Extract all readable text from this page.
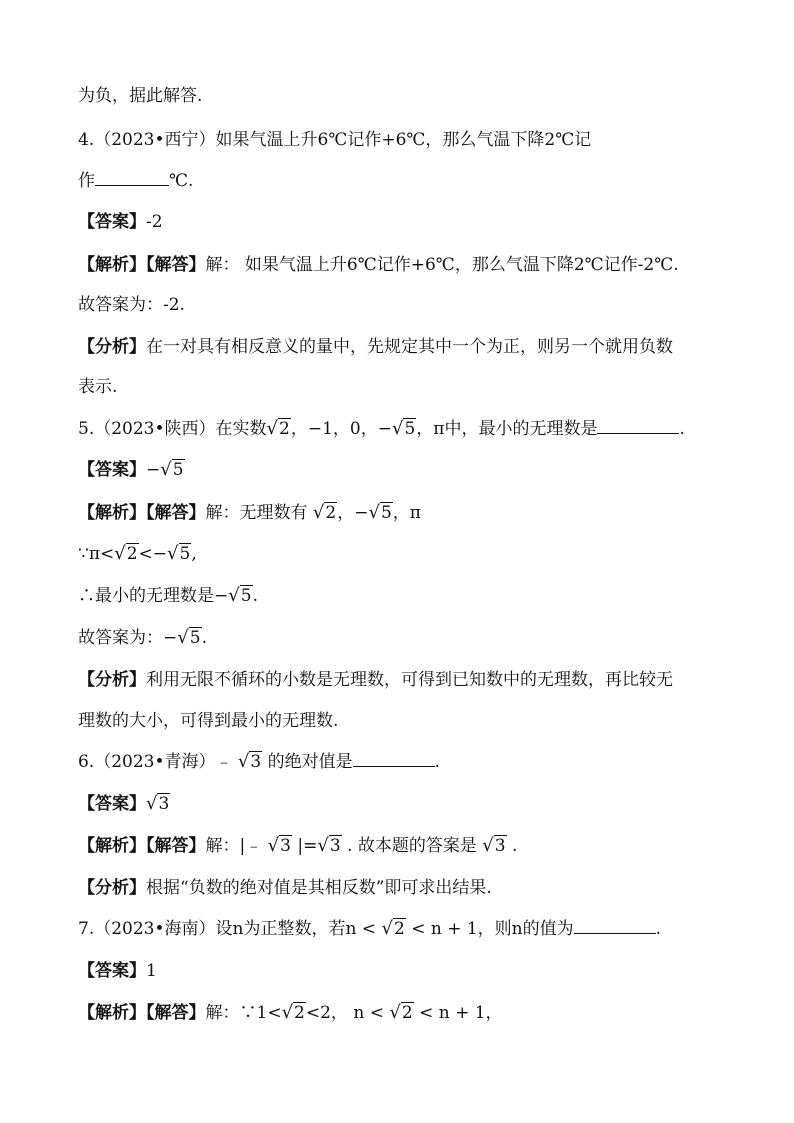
为负，据此解答.
4.（2023•西宁）如果气温上升6℃记作+6℃，那么气温下降2℃记
作	℃.
【答案】-2
【解析】【解答】解： 如果气温上升6℃记作+6℃，那么气温下降2℃记作-2℃.
故答案为：-2.
【分析】在一对具有相反意义的量中，先规定其中一个为正，则另一个就用负数
表示.
5.（2023•陕西）在实数√2，−1，0，−√5，π中，最小的无理数是	.
【答案】−√5
【解析】【解答】解：无理数有 √2，−√5，π
∵π<√2<−√5,
∴最小的无理数是−√5.
故答案为：−√5.
【分析】利用无限不循环的小数是无理数，可得到已知数中的无理数，再比较无
理数的大小，可得到最小的无理数.
6.（2023•青海）﹣ √3 的绝对值是	.
【答案】√3
【解析】【解答】解：|﹣ √3 |=√3 . 故本题的答案是 √3 .
【分析】根据“负数的绝对值是其相反数”即可求出结果.
7.（2023•海南）设n为正整数，若n < √2 < n + 1，则n的值为	.
【答案】1
【解析】【解答】解：∵1<√2<2， n < √2 < n + 1，
